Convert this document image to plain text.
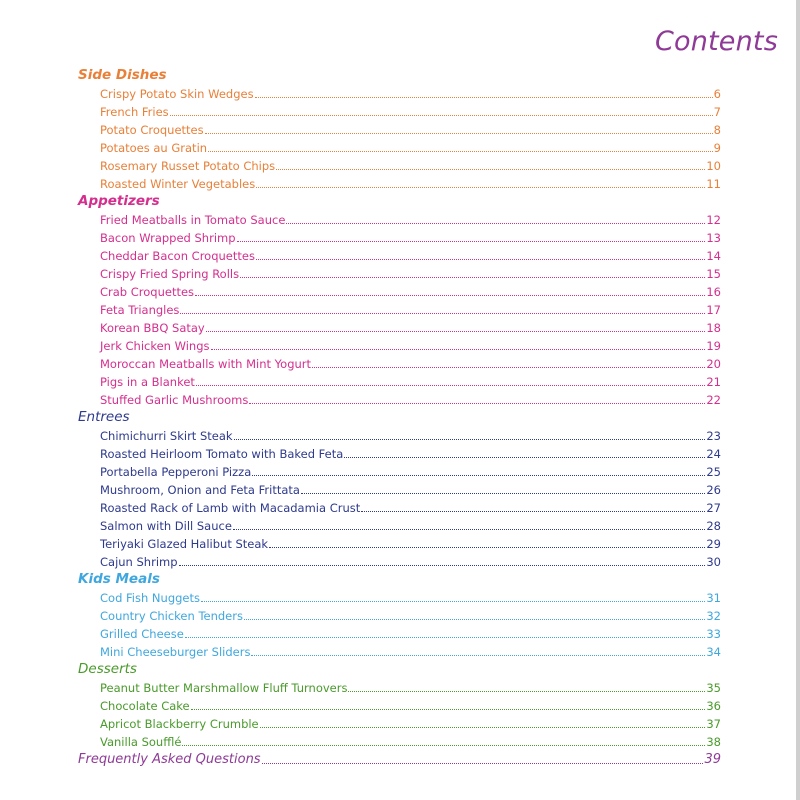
Contents
Side Dishes
Crispy Potato Skin Wedges	6
French Fries	7
Potato Croquettes	8
Potatoes au Gratin	9
Rosemary Russet Potato Chips	10
Roasted Winter Vegetables	11
Appetizers
Fried Meatballs in Tomato Sauce	12
Bacon Wrapped Shrimp	13
Cheddar Bacon Croquettes	14
Crispy Fried Spring Rolls	15
Crab Croquettes	16
Feta Triangles	17
Korean BBQ Satay	18
Jerk Chicken Wings	19
Moroccan Meatballs with Mint Yogurt	20
Pigs in a Blanket	21
Stuffed Garlic Mushrooms	22
Entrees
Chimichurri Skirt Steak	23
Roasted Heirloom Tomato with Baked Feta	24
Portabella Pepperoni Pizza	25
Mushroom, Onion and Feta Frittata	26
Roasted Rack of Lamb with Macadamia Crust	27
Salmon with Dill Sauce	28
Teriyaki Glazed Halibut Steak	29
Cajun Shrimp	30
Kids Meals
Cod Fish Nuggets	31
Country Chicken Tenders	32
Grilled Cheese	33
Mini Cheeseburger Sliders	34
Desserts
Peanut Butter Marshmallow Fluff Turnovers	35
Chocolate Cake	36
Apricot Blackberry Crumble	37
Vanilla Soufflé	38
Frequently Asked Questions	39
